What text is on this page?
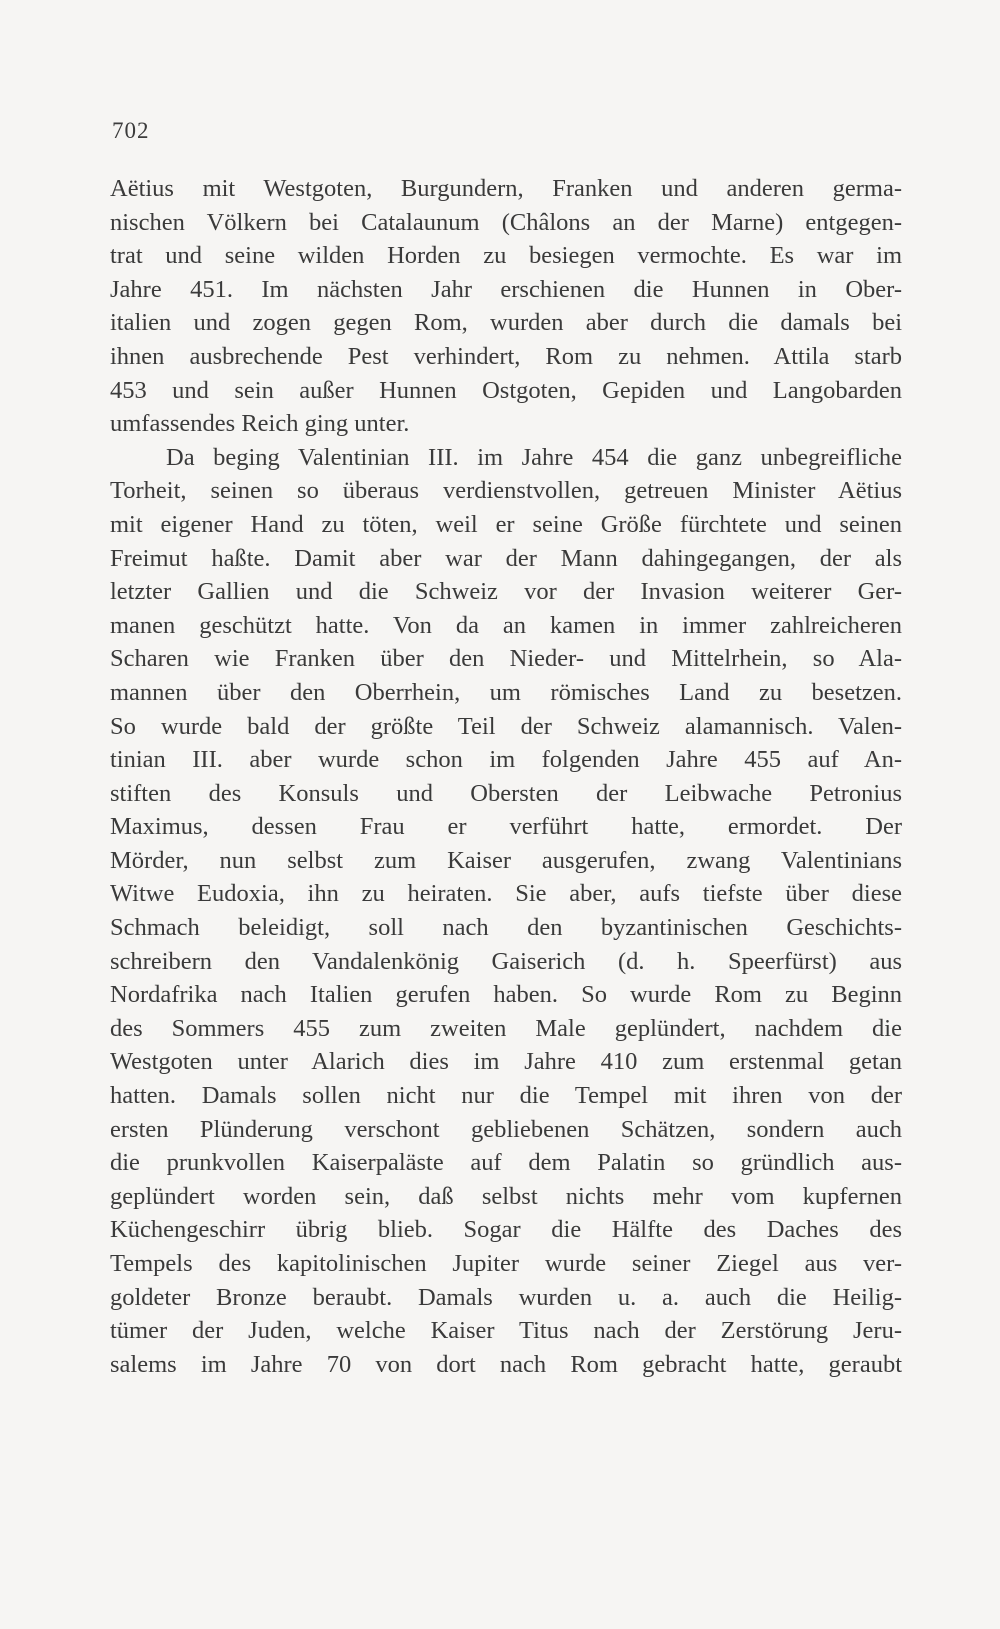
702
Aëtius mit Westgoten, Burgundern, Franken und anderen germa-
nischen Völkern bei Catalaunum (Châlons an der Marne) entgegen-
trat und seine wilden Horden zu besiegen vermochte. Es war im
Jahre 451. Im nächsten Jahr erschienen die Hunnen in Ober-
italien und zogen gegen Rom, wurden aber durch die damals bei
ihnen ausbrechende Pest verhindert, Rom zu nehmen. Attila starb
453 und sein außer Hunnen Ostgoten, Gepiden und Langobarden
umfassendes Reich ging unter.
Da beging Valentinian III. im Jahre 454 die ganz unbegreifliche
Torheit, seinen so überaus verdienstvollen, getreuen Minister Aëtius
mit eigener Hand zu töten, weil er seine Größe fürchtete und seinen
Freimut haßte. Damit aber war der Mann dahingegangen, der als
letzter Gallien und die Schweiz vor der Invasion weiterer Ger-
manen geschützt hatte. Von da an kamen in immer zahlreicheren
Scharen wie Franken über den Nieder- und Mittelrhein, so Ala-
mannen über den Oberrhein, um römisches Land zu besetzen.
So wurde bald der größte Teil der Schweiz alamannisch. Valen-
tinian III. aber wurde schon im folgenden Jahre 455 auf An-
stiften des Konsuls und Obersten der Leibwache Petronius
Maximus, dessen Frau er verführt hatte, ermordet. Der
Mörder, nun selbst zum Kaiser ausgerufen, zwang Valentinians
Witwe Eudoxia, ihn zu heiraten. Sie aber, aufs tiefste über diese
Schmach beleidigt, soll nach den byzantinischen Geschichts-
schreibern den Vandalenkönig Gaiserich (d. h. Speerfürst) aus
Nordafrika nach Italien gerufen haben. So wurde Rom zu Beginn
des Sommers 455 zum zweiten Male geplündert, nachdem die
Westgoten unter Alarich dies im Jahre 410 zum erstenmal getan
hatten. Damals sollen nicht nur die Tempel mit ihren von der
ersten Plünderung verschont gebliebenen Schätzen, sondern auch
die prunkvollen Kaiserpaläste auf dem Palatin so gründlich aus-
geplündert worden sein, daß selbst nichts mehr vom kupfernen
Küchengeschirr übrig blieb. Sogar die Hälfte des Daches des
Tempels des kapitolinischen Jupiter wurde seiner Ziegel aus ver-
goldeter Bronze beraubt. Damals wurden u. a. auch die Heilig-
tümer der Juden, welche Kaiser Titus nach der Zerstörung Jeru-
salems im Jahre 70 von dort nach Rom gebracht hatte, geraubt
